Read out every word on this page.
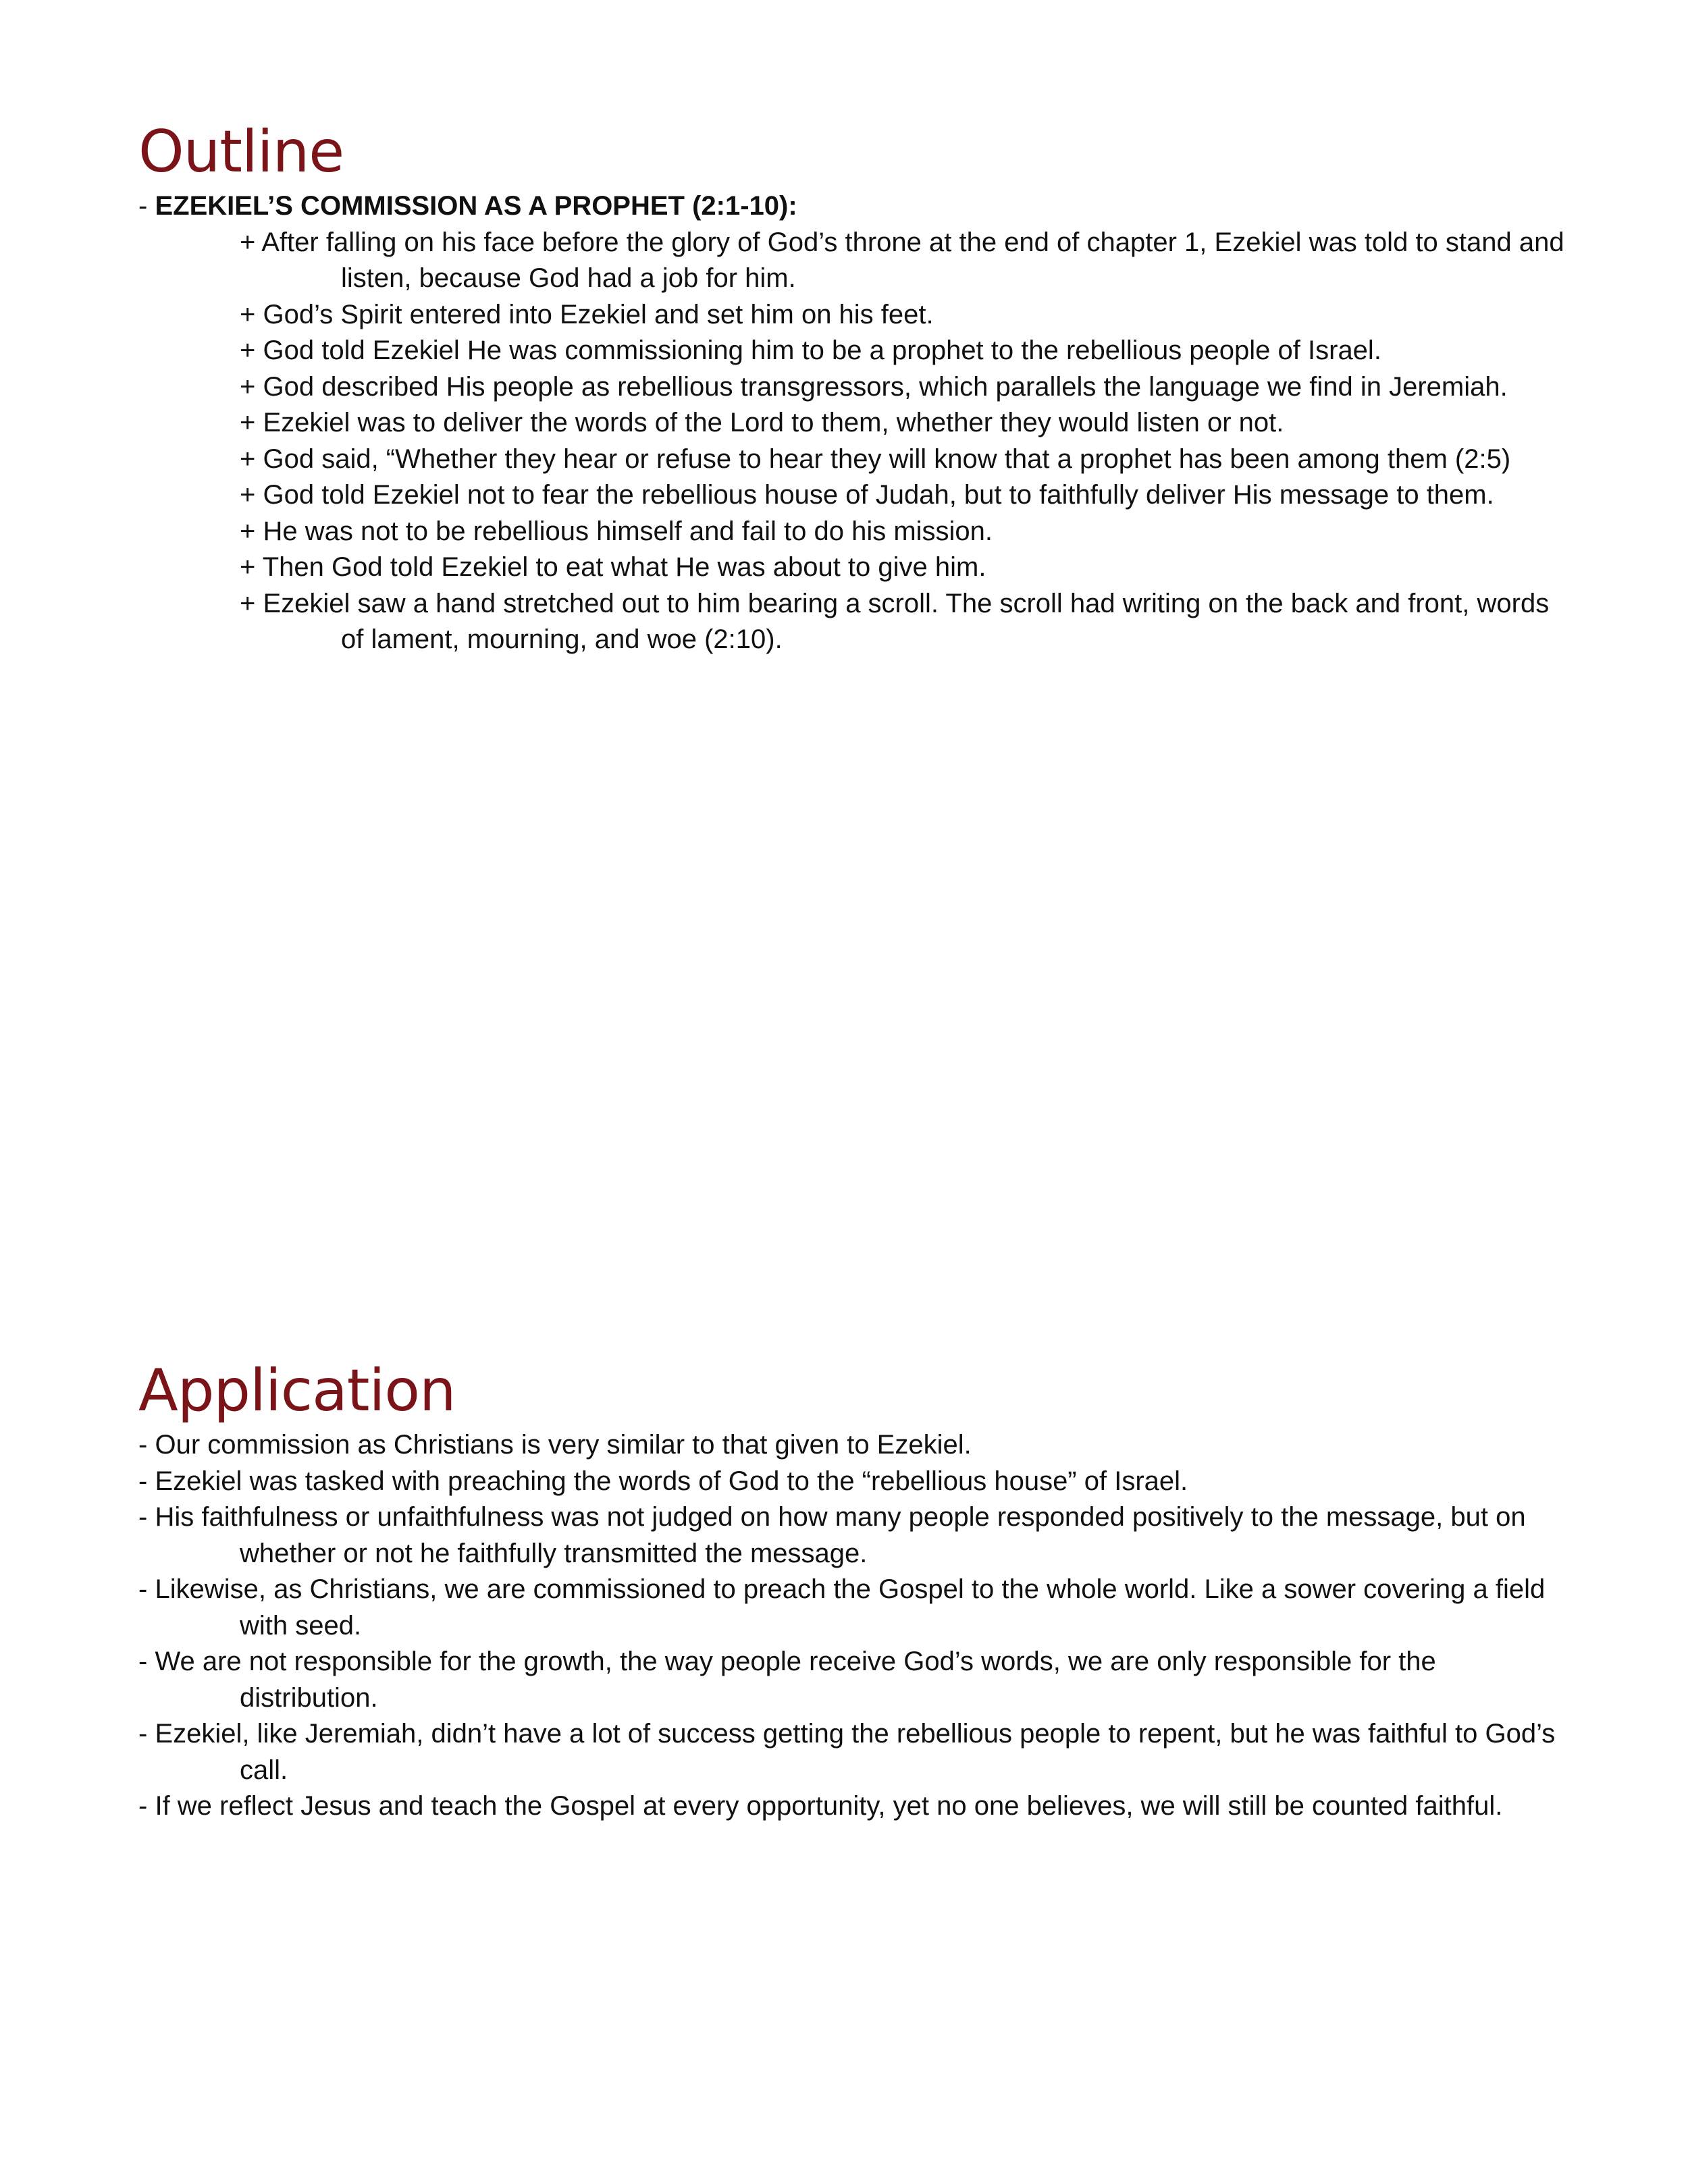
Outline
- EZEKIEL’S COMMISSION AS A PROPHET (2:1-10):
+ After falling on his face before the glory of God’s throne at the end of chapter 1, Ezekiel was told to stand and listen, because God had a job for him.
+ God’s Spirit entered into Ezekiel and set him on his feet.
+ God told Ezekiel He was commissioning him to be a prophet to the rebellious people of Israel.
+ God described His people as rebellious transgressors, which parallels the language we find in Jeremiah.
+ Ezekiel was to deliver the words of the Lord to them, whether they would listen or not.
+ God said, “Whether they hear or refuse to hear they will know that a prophet has been among them (2:5)
+ God told Ezekiel not to fear the rebellious house of Judah, but to faithfully deliver His message to them.
+ He was not to be rebellious himself and fail to do his mission.
+ Then God told Ezekiel to eat what He was about to give him.
+ Ezekiel saw a hand stretched out to him bearing a scroll. The scroll had writing on the back and front, words of lament, mourning, and woe (2:10).
Application
- Our commission as Christians is very similar to that given to Ezekiel.
- Ezekiel was tasked with preaching the words of God to the “rebellious house” of Israel.
- His faithfulness or unfaithfulness was not judged on how many people responded positively to the message, but on whether or not he faithfully transmitted the message.
- Likewise, as Christians, we are commissioned to preach the Gospel to the whole world. Like a sower covering a field with seed.
- We are not responsible for the growth, the way people receive God’s words, we are only responsible for the distribution.
- Ezekiel, like Jeremiah, didn’t have a lot of success getting the rebellious people to repent, but he was faithful to God’s call.
- If we reflect Jesus and teach the Gospel at every opportunity, yet no one believes, we will still be counted faithful.
